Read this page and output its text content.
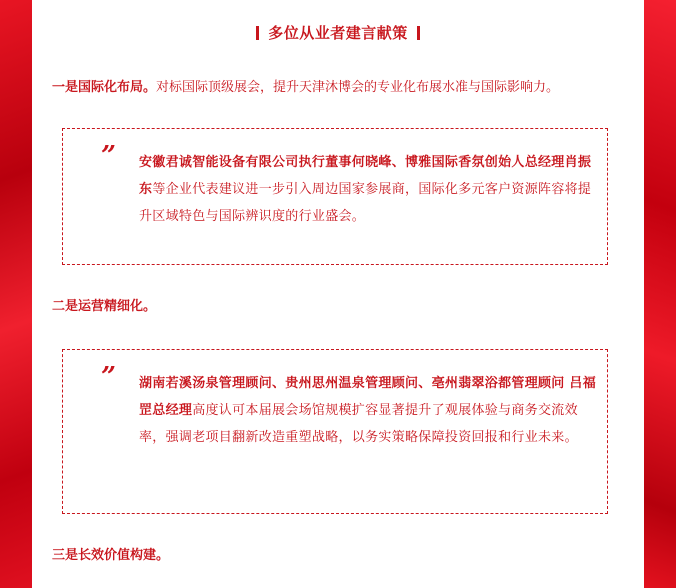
多位从业者建言献策
一是国际化布局。对标国际顶级展会，提升天津沐博会的专业化布展水准与国际影响力。
” 安徽君诚智能设备有限公司执行董事何晓峰、博雅国际香氛创始人总经理肖振东等企业代表建议进一步引入周边国家参展商，国际化多元客户资源阵容将提升区域特色与国际辨识度的行业盛会。
二是运营精细化。
” 湖南若溪汤泉管理顾问、贵州思州温泉管理顾问、亳州翡翠浴都管理顾问 吕福罡总经理高度认可本届展会场馆规模扩容显著提升了观展体验与商务交流效率，强调老项目翻新改造重塑战略，以务实策略保障投资回报和行业未来。
三是长效价值构建。
